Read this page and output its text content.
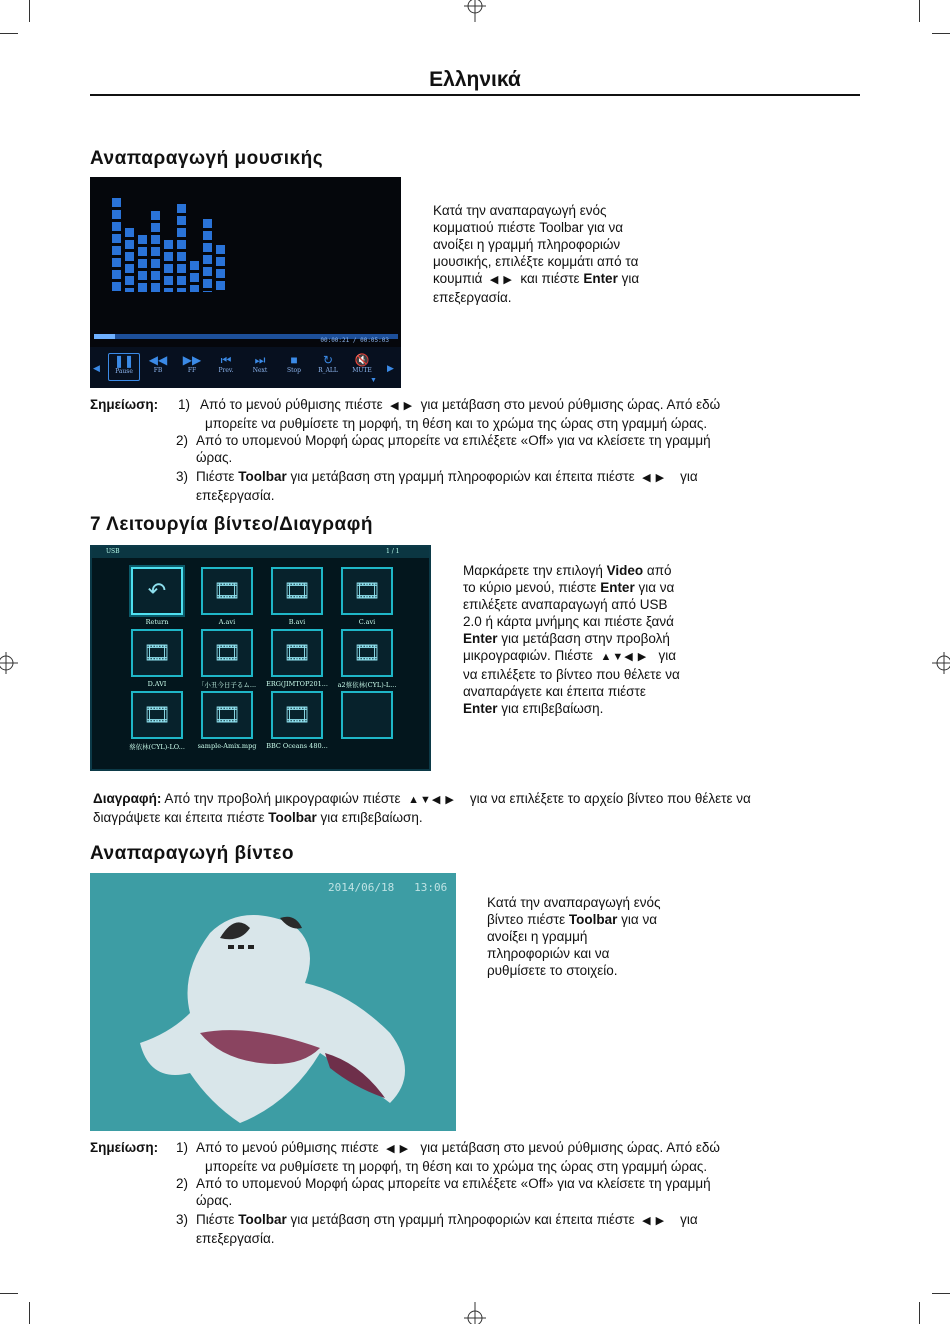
Ελληνικά
Αναπαραγωγή μουσικής
00:00:21 / 00:05:03
◀	▶
▼
❚❚
Pause
◀◀
FB
▶▶
FF
⏮
Prev.
⏭
Next
■
Stop
↻
R_ALL
🔇
MUTE
Κατά την αναπαραγωγή ενός
κομματιού πιέστε Toolbar για να
ανοίξει η γραμμή πληροφοριών
μουσικής, επιλέξτε κομμάτι από τα
κουμπιά ◀ ▶ και πιέστε Enter για
επεξεργασία.
Σημείωση:	1) Από το μενού ρύθμισης πιέστε ◀ ▶ για μετάβαση στο μενού ρύθμισης ώρας. Από εδώ
μπορείτε να ρυθμίσετε τη μορφή, τη θέση και το χρώμα της ώρας στη γραμμή ώρας.
2) Από το υπομενού Μορφή ώρας μπορείτε να επιλέξετε «Off» για να κλείσετε τη γραμμή
ώρας.
3) Πιέστε Toolbar για μετάβαση στη γραμμή πληροφοριών και έπειτα πιέστε ◀ ▶ για
επεξεργασία.
7 Λειτουργία βίντεο/Διαγραφή
USB	1 / 1
↶
Return
🎞
A.avi
🎞
B.avi
🎞
C.avi
🎞
D.AVI
🎞
「小丑今日子るム...
🎞
ERG(JIMTOP201...
🎞
a2蔡依林(CYL)-L...
🎞
蔡依林(CYL)-LO...
🎞
sample-Amix.mpg
🎞
BBC Oceans 480...
Μαρκάρετε την επιλογή Video από
το κύριο μενού, πιέστε Enter για να
επιλέξετε αναπαραγωγή από USB
2.0 ή κάρτα μνήμης και πιέστε ξανά
Enter για μετάβαση στην προβολή
μικρογραφιών. Πιέστε ▲▼◀ ▶   για
να επιλέξετε το βίντεο που θέλετε να
αναπαράγετε και έπειτα πιέστε
Enter για επιβεβαίωση.
Διαγραφή: Από την προβολή μικρογραφιών πιέστε ▲▼◀ ▶ για να επιλέξετε το αρχείο βίντεο που θέλετε να
διαγράψετε και έπειτα πιέστε Toolbar για επιβεβαίωση.
Αναπαραγωγή βίντεο
2014/06/18   13:06
Κατά την αναπαραγωγή ενός
βίντεο πιέστε Toolbar για να
ανοίξει η γραμμή
πληροφοριών και να
ρυθμίσετε το στοιχείο.
Σημείωση:	1) Από το μενού ρύθμισης πιέστε ◀ ▶ για μετάβαση στο μενού ρύθμισης ώρας. Από εδώ
μπορείτε να ρυθμίσετε τη μορφή, τη θέση και το χρώμα της ώρας στη γραμμή ώρας.
2) Από το υπομενού Μορφή ώρας μπορείτε να επιλέξετε «Off» για να κλείσετε τη γραμμή
ώρας.
3) Πιέστε Toolbar για μετάβαση στη γραμμή πληροφοριών και έπειτα πιέστε ◀ ▶ για
επεξεργασία.
